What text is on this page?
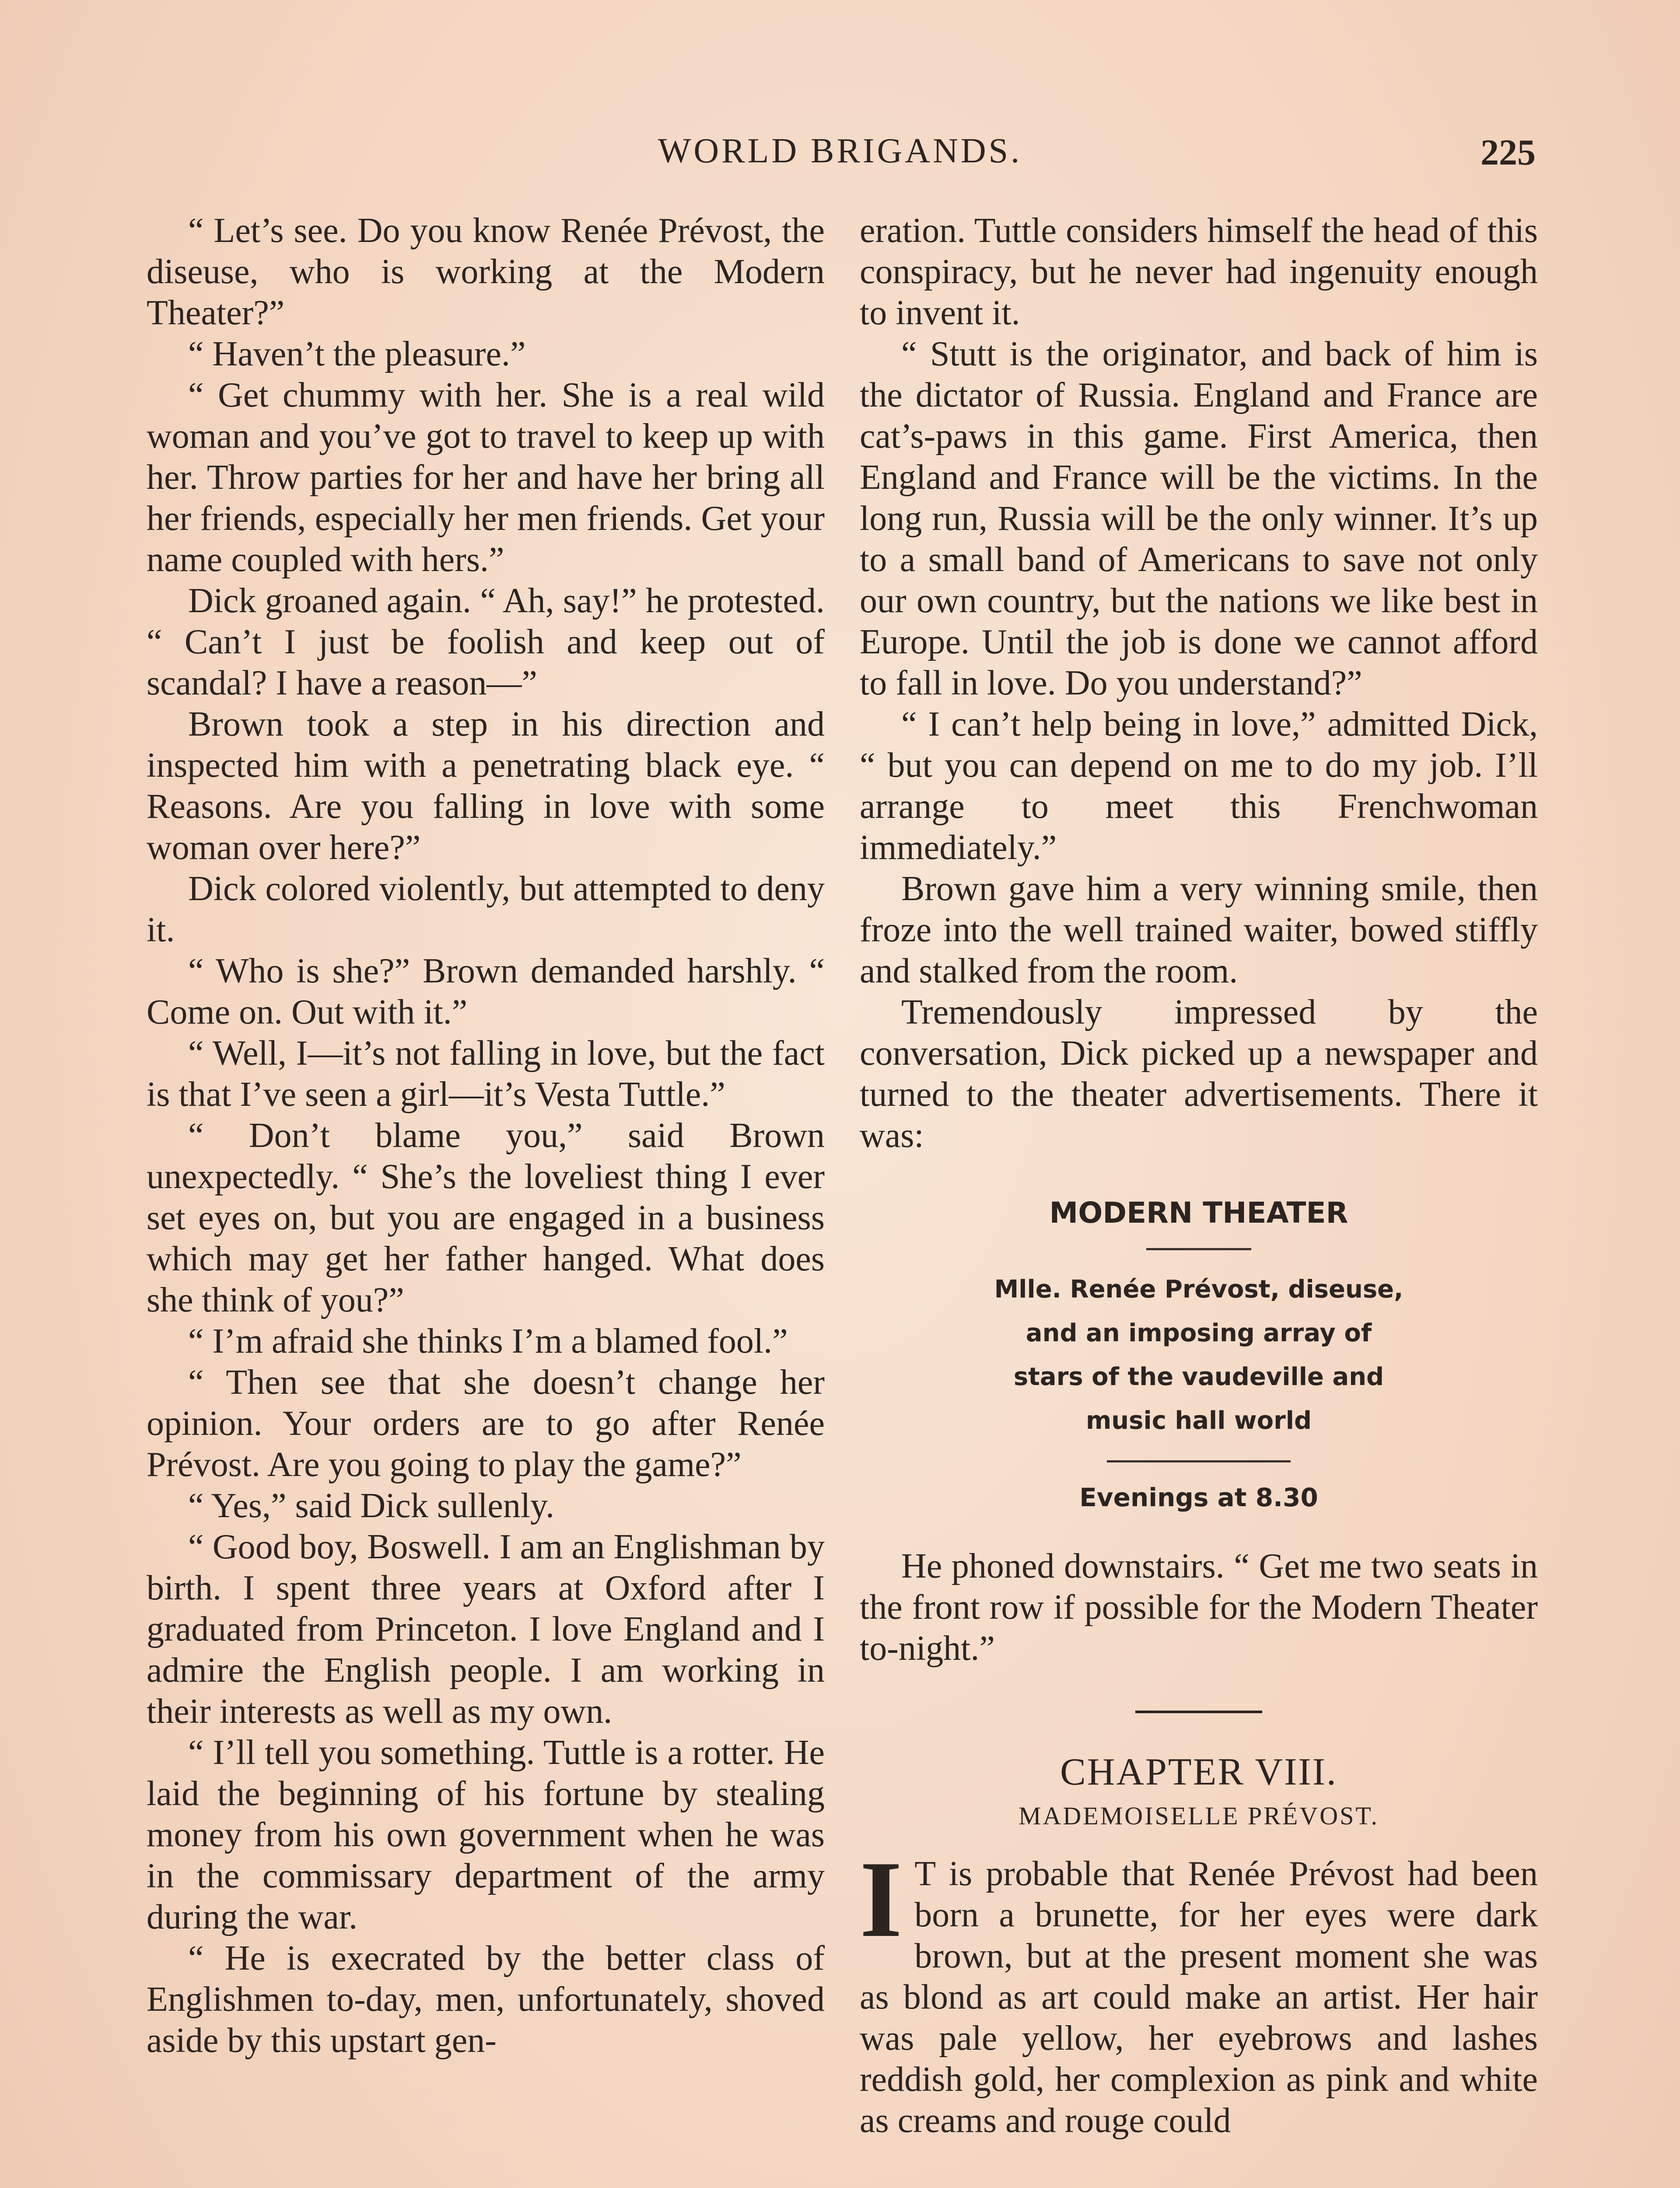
WORLD BRIGANDS.	225

“ Let’s see. Do you know Renée Prévost, the diseuse, who is working at the Modern Theater?”

“ Haven’t the pleasure.”

“ Get chummy with her. She is a real wild woman and you’ve got to travel to keep up with her. Throw parties for her and have her bring all her friends, especially her men friends. Get your name coupled with hers.”

Dick groaned again. “ Ah, say!” he protested. “ Can’t I just be foolish and keep out of scandal? I have a reason—”

Brown took a step in his direction and inspected him with a penetrating black eye. “ Reasons. Are you falling in love with some woman over here?”

Dick colored violently, but attempted to deny it.

“ Who is she?” Brown demanded harshly. “ Come on. Out with it.”

“ Well, I—it’s not falling in love, but the fact is that I’ve seen a girl—it’s Vesta Tuttle.”

“ Don’t blame you,” said Brown unexpectedly. “ She’s the loveliest thing I ever set eyes on, but you are engaged in a business which may get her father hanged. What does she think of you?”

“ I’m afraid she thinks I’m a blamed fool.”

“ Then see that she doesn’t change her opinion. Your orders are to go after Renée Prévost. Are you going to play the game?”

“ Yes,” said Dick sullenly.

“ Good boy, Boswell. I am an Englishman by birth. I spent three years at Oxford after I graduated from Princeton. I love England and I admire the English people. I am working in their interests as well as my own.

“ I’ll tell you something. Tuttle is a rotter. He laid the beginning of his fortune by stealing money from his own government when he was in the commissary department of the army during the war.

“ He is execrated by the better class of Englishmen to-day, men, unfortunately, shoved aside by this upstart gen-

eration. Tuttle considers himself the head of this conspiracy, but he never had ingenuity enough to invent it.

“ Stutt is the originator, and back of him is the dictator of Russia. England and France are cat’s-paws in this game. First America, then England and France will be the victims. In the long run, Russia will be the only winner. It’s up to a small band of Americans to save not only our own country, but the nations we like best in Europe. Until the job is done we cannot afford to fall in love. Do you understand?”

“ I can’t help being in love,” admitted Dick, “ but you can depend on me to do my job. I’ll arrange to meet this Frenchwoman immediately.”

Brown gave him a very winning smile, then froze into the well trained waiter, bowed stiffly and stalked from the room.

Tremendously impressed by the conversation, Dick picked up a newspaper and turned to the theater advertisements. There it was:

MODERN THEATER
Mlle. Renée Prévost, diseuse,
and an imposing array of
stars of the vaudeville and
music hall world
Evenings at 8.30

He phoned downstairs. “ Get me two seats in the front row if possible for the Modern Theater to-night.”

CHAPTER VIII.
MADEMOISELLE PRÉVOST.

I T is probable that Renée Prévost had been born a brunette, for her eyes were dark brown, but at the present moment she was as blond as art could make an artist. Her hair was pale yellow, her eyebrows and lashes reddish gold, her complexion as pink and white as creams and rouge could
